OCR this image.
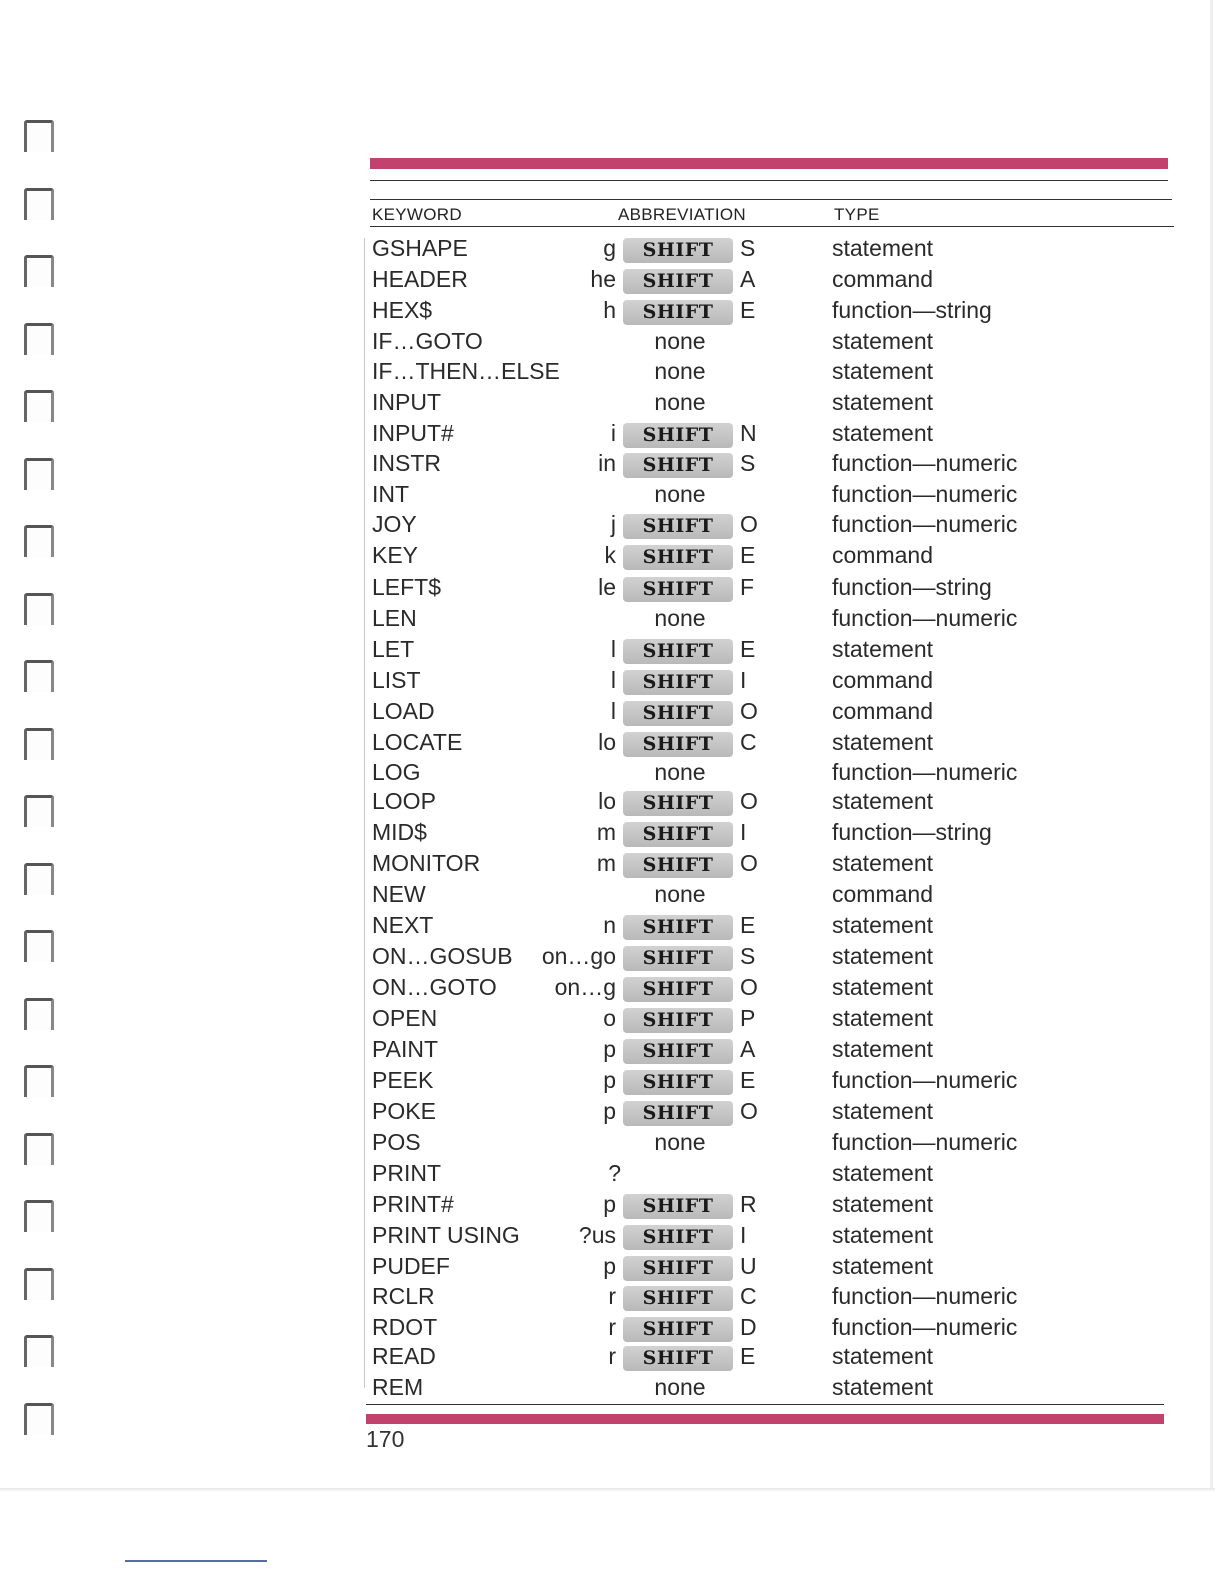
KEYWORD	ABBREVIATION	TYPE
GSHAPE	g	SHIFT	S	statement
HEADER	he	SHIFT	A	command
HEX$	h	SHIFT	E	function—string
IF…GOTO	none	statement
IF…THEN…ELSE	none	statement
INPUT	none	statement
INPUT#	i	SHIFT	N	statement
INSTR	in	SHIFT	S	function—numeric
INT	none	function—numeric
JOY	j	SHIFT	O	function—numeric
KEY	k	SHIFT	E	command
LEFT$	le	SHIFT	F	function—string
LEN	none	function—numeric
LET	l	SHIFT	E	statement
LIST	l	SHIFT	I	command
LOAD	l	SHIFT	O	command
LOCATE	lo	SHIFT	C	statement
LOG	none	function—numeric
LOOP	lo	SHIFT	O	statement
MID$	m	SHIFT	I	function—string
MONITOR	m	SHIFT	O	statement
NEW	none	command
NEXT	n	SHIFT	E	statement
ON…GOSUB on…go	SHIFT	S	statement
ON…GOTO	on…g	SHIFT	O	statement
OPEN	o	SHIFT	P	statement
PAINT	p	SHIFT	A	statement
PEEK	p	SHIFT	E	function—numeric
POKE	p	SHIFT	O	statement
POS	none	function—numeric
PRINT	?	statement
PRINT#	p	SHIFT	R	statement
PRINT USING	?us	SHIFT	I	statement
PUDEF	p	SHIFT	U	statement
RCLR	r	SHIFT	C	function—numeric
RDOT	r	SHIFT	D	function—numeric
READ	r	SHIFT	E	statement
REM	none	statement
170
